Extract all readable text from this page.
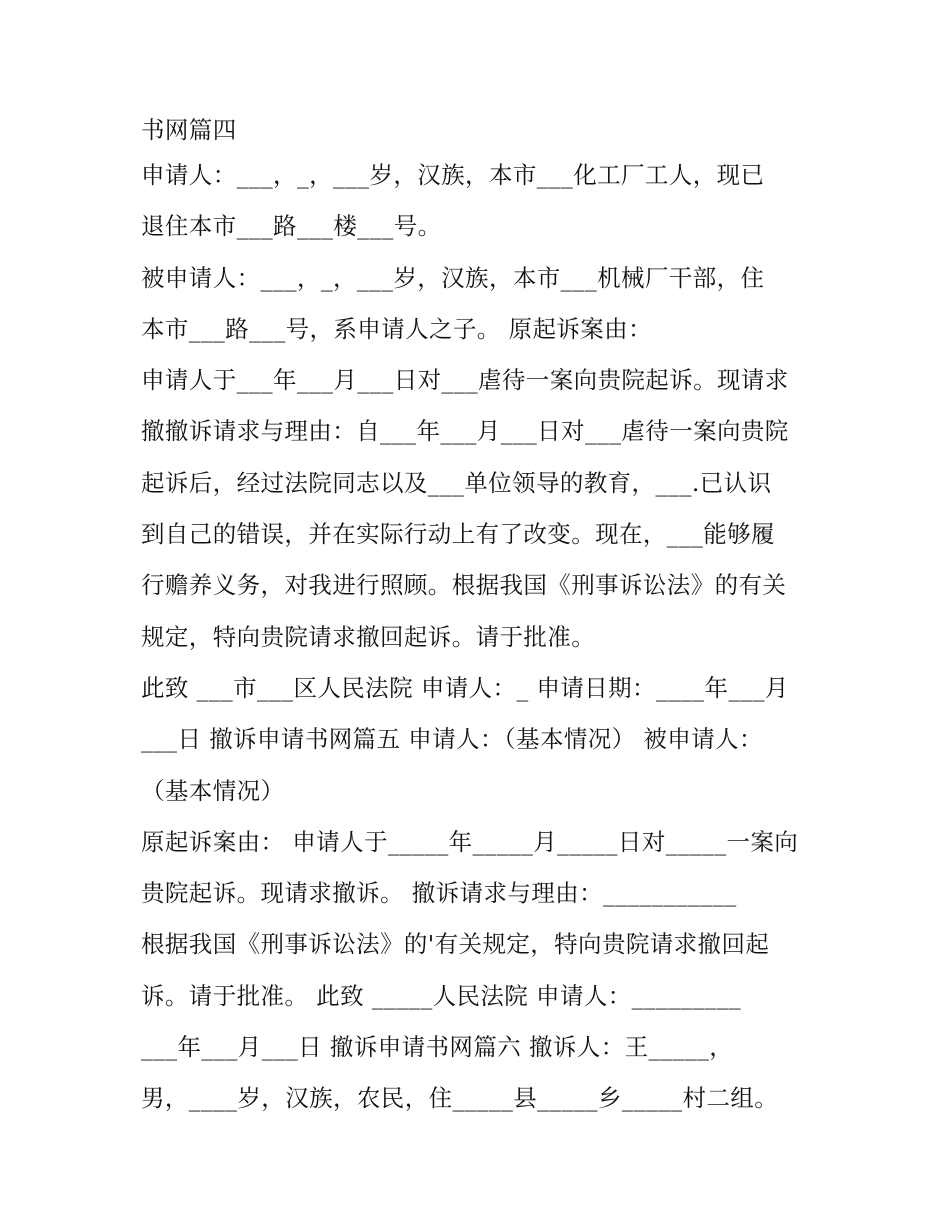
书网篇四
申请人：___，_，___岁，汉族，本市___化工厂工人，现已
退住本市___路___楼___号。
被申请人：___，_，___岁，汉族，本市___机械厂干部，住
本市___路___号，系申请人之子。 原起诉案由：
申请人于___年___月___日对___虐待一案向贵院起诉。现请求
撤撤诉请求与理由：自___年___月___日对___虐待一案向贵院
起诉后，经过法院同志以及___单位领导的教育，___.已认识
到自己的错误，并在实际行动上有了改变。现在，___能够履
行赡养义务，对我进行照顾。根据我国《刑事诉讼法》的有关
规定，特向贵院请求撤回起诉。请于批准。
此致 ___市___区人民法院 申请人：_ 申请日期：____年___月
___日 撤诉申请书网篇五 申请人：（基本情况） 被申请人：
（基本情况）
原起诉案由： 申请人于_____年_____月_____日对_____一案向
贵院起诉。现请求撤诉。 撤诉请求与理由：___________
根据我国《刑事诉讼法》的'有关规定，特向贵院请求撤回起
诉。请于批准。 此致 _____人民法院 申请人：_________
___年___月___日 撤诉申请书网篇六 撤诉人：王_____，
男，____岁，汉族，农民，住_____县_____乡_____村二组。
